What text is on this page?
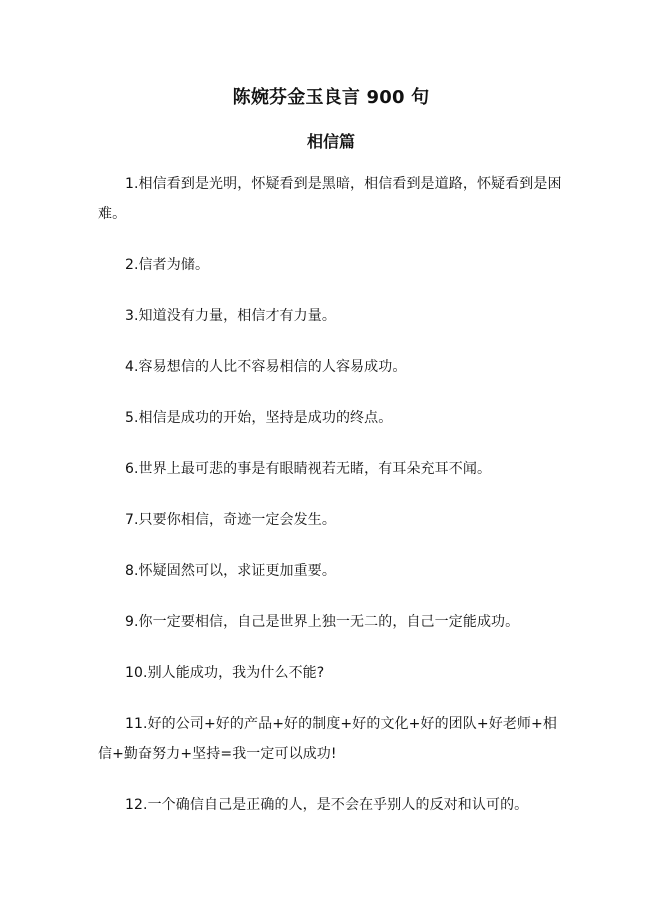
陈婉芬金玉良言 900 句
相信篇
1.相信看到是光明，怀疑看到是黑暗，相信看到是道路，怀疑看到是困难。
2.信者为储。
3.知道没有力量，相信才有力量。
4.容易想信的人比不容易相信的人容易成功。
5.相信是成功的开始，坚持是成功的终点。
6.世界上最可悲的事是有眼睛视若无睹，有耳朵充耳不闻。
7.只要你相信，奇迹一定会发生。
8.怀疑固然可以，求证更加重要。
9.你一定要相信，自己是世界上独一无二的，自己一定能成功。
10.别人能成功，我为什么不能?
11.好的公司+好的产品+好的制度+好的文化+好的团队+好老师+相信+勤奋努力+坚持=我一定可以成功!
12.一个确信自己是正确的人，是不会在乎别人的反对和认可的。
